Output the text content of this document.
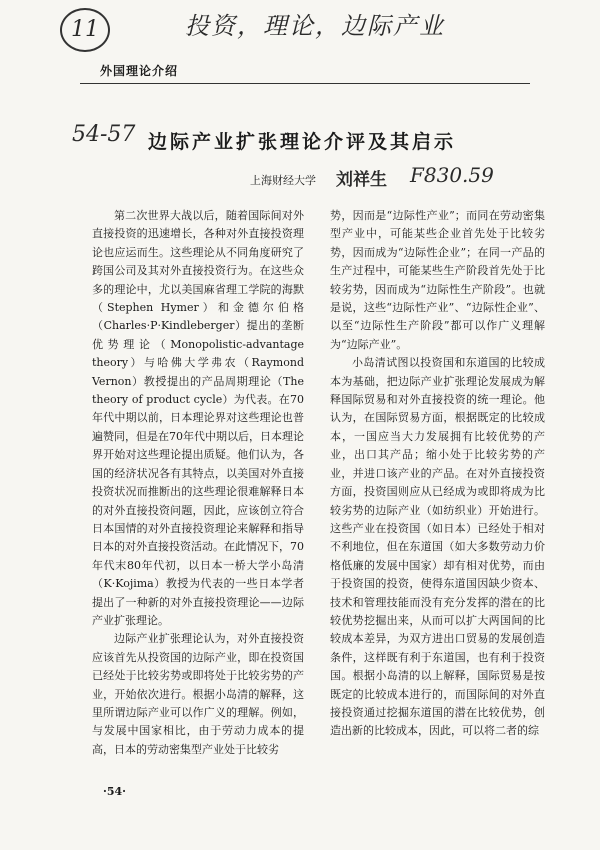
11	投资，理论，边际产业
外国理论介绍
54-57 边际产业扩张理论介评及其启示
上海财经大学 刘祥生 F830.59

第二次世界大战以后，随着国际间对外直接投资的迅速增长，各种对外直接投资理论也应运而生。这些理论从不同角度研究了跨国公司及其对外直接投资行为。在这些众多的理论中，尤以美国麻省理工学院的海默（Stephen Hymer）和金德尔伯格（Charles·P·Kindleberger）提出的垄断优势理论（Monopolistic-advantage theory）与哈佛大学弗农（Raymond Vernon）教授提出的产品周期理论（The theory of product cycle）为代表。在70年代中期以前，日本理论界对这些理论也普遍赞同，但是在70年代中期以后，日本理论界开始对这些理论提出质疑。他们认为，各国的经济状况各有其特点，以美国对外直接投资状况而推断出的这些理论很难解释日本的对外直接投资问题，因此，应该创立符合日本国情的对外直接投资理论来解释和指导日本的对外直接投资活动。在此情况下，70年代末80年代初，以日本一桥大学小岛清（K·Kojima）教授为代表的一些日本学者提出了一种新的对外直接投资理论——边际产业扩张理论。

边际产业扩张理论认为，对外直接投资应该首先从投资国的边际产业，即在投资国已经处于比较劣势或即将处于比较劣势的产业，开始依次进行。根据小岛清的解释，这里所谓边际产业可以作广义的理解。例如，与发展中国家相比，由于劳动力成本的提高，日本的劳动密集型产业处于比较劣

势，因而是“边际性产业”；而同在劳动密集型产业中，可能某些企业首先处于比较劣势，因而成为“边际性企业”；在同一产品的生产过程中，可能某些生产阶段首先处于比较劣势，因而成为“边际性生产阶段”。也就是说，这些“边际性产业”、“边际性企业”、以至“边际性生产阶段”都可以作广义理解为“边际产业”。

小岛清试图以投资国和东道国的比较成本为基础，把边际产业扩张理论发展成为解释国际贸易和对外直接投资的统一理论。他认为，在国际贸易方面，根据既定的比较成本，一国应当大力发展拥有比较优势的产业，出口其产品；缩小处于比较劣势的产业，并进口该产业的产品。在对外直接投资方面，投资国则应从已经成为或即将成为比较劣势的边际产业（如纺织业）开始进行。这些产业在投资国（如日本）已经处于相对不利地位，但在东道国（如大多数劳动力价格低廉的发展中国家）却有相对优势，而由于投资国的投资，使得东道国因缺少资本、技术和管理技能而没有充分发挥的潜在的比较优势挖掘出来，从而可以扩大两国间的比较成本差异，为双方进出口贸易的发展创造条件，这样既有利于东道国，也有利于投资国。根据小岛清的以上解释，国际贸易是按既定的比较成本进行的，而国际间的对外直接投资通过挖掘东道国的潜在比较优势，创造出新的比较成本，因此，可以将二者的综

·54·
